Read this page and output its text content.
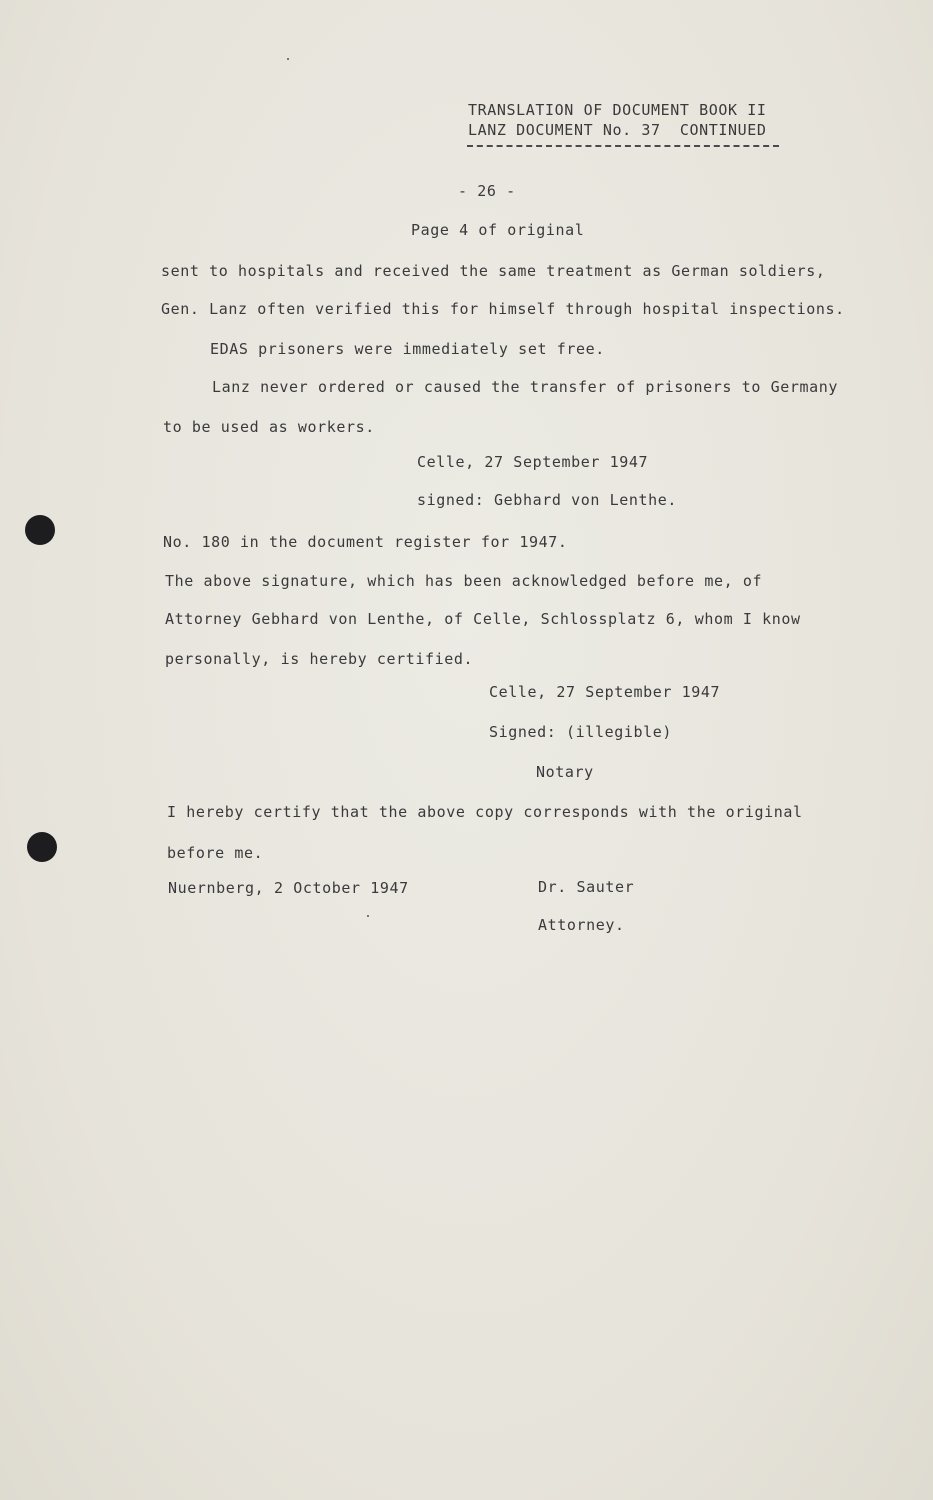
TRANSLATION OF DOCUMENT BOOK II
LANZ DOCUMENT No. 37  CONTINUED
- 26 -
Page 4 of original
sent to hospitals and received the same treatment as German soldiers,
Gen. Lanz often verified this for himself through hospital inspections.
EDAS prisoners were immediately set free.
Lanz never ordered or caused the transfer of prisoners to Germany
to be used as workers.
Celle, 27 September 1947
signed: Gebhard von Lenthe.
No. 180 in the document register for 1947.
The above signature, which has been acknowledged before me, of
Attorney Gebhard von Lenthe, of Celle, Schlossplatz 6, whom I know
personally, is hereby certified.
Celle, 27 September 1947
Signed: (illegible)
Notary
I hereby certify that the above copy corresponds with the original
before me.
Nuernberg, 2 October 1947	Dr. Sauter
Attorney.
